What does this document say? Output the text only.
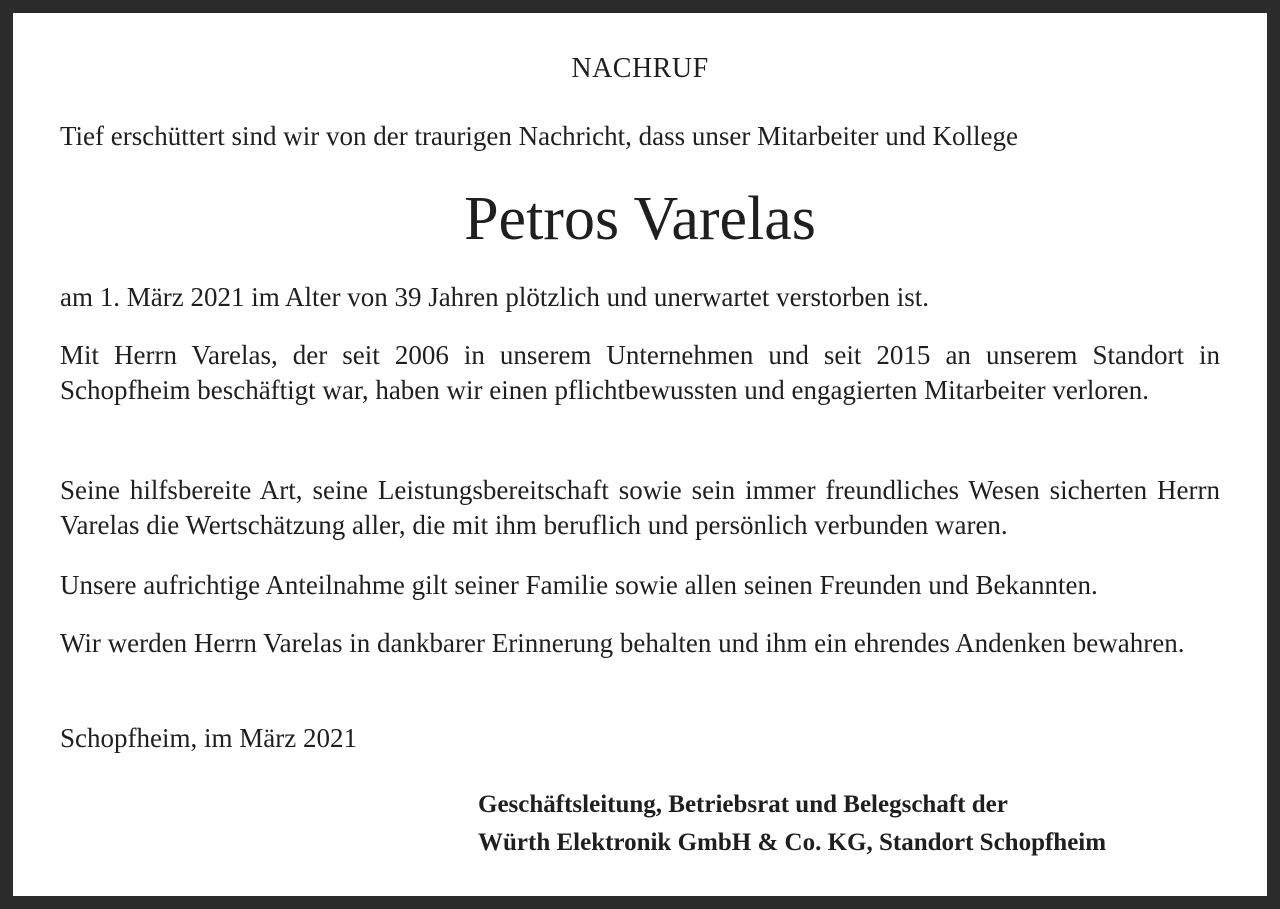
NACHRUF
Tief erschüttert sind wir von der traurigen Nachricht, dass unser Mitarbeiter und Kollege
Petros Varelas

am 1. März 2021 im Alter von 39 Jahren plötzlich und unerwartet verstorben ist.

Mit Herrn Varelas, der seit 2006 in unserem Unternehmen und seit 2015 an unserem Standort in Schopfheim beschäftigt war, haben wir einen pflichtbewussten und engagierten Mitarbeiter verloren.

Seine hilfsbereite Art, seine Leistungsbereitschaft sowie sein immer freundliches Wesen sicherten Herrn Varelas die Wertschätzung aller, die mit ihm beruflich und persönlich verbunden waren.

Unsere aufrichtige Anteilnahme gilt seiner Familie sowie allen seinen Freunden und Bekannten.

Wir werden Herrn Varelas in dankbarer Erinnerung behalten und ihm ein ehrendes Andenken bewahren.

Schopfheim, im März 2021

Geschäftsleitung, Betriebsrat und Belegschaft der
Würth Elektronik GmbH & Co. KG, Standort Schopfheim
